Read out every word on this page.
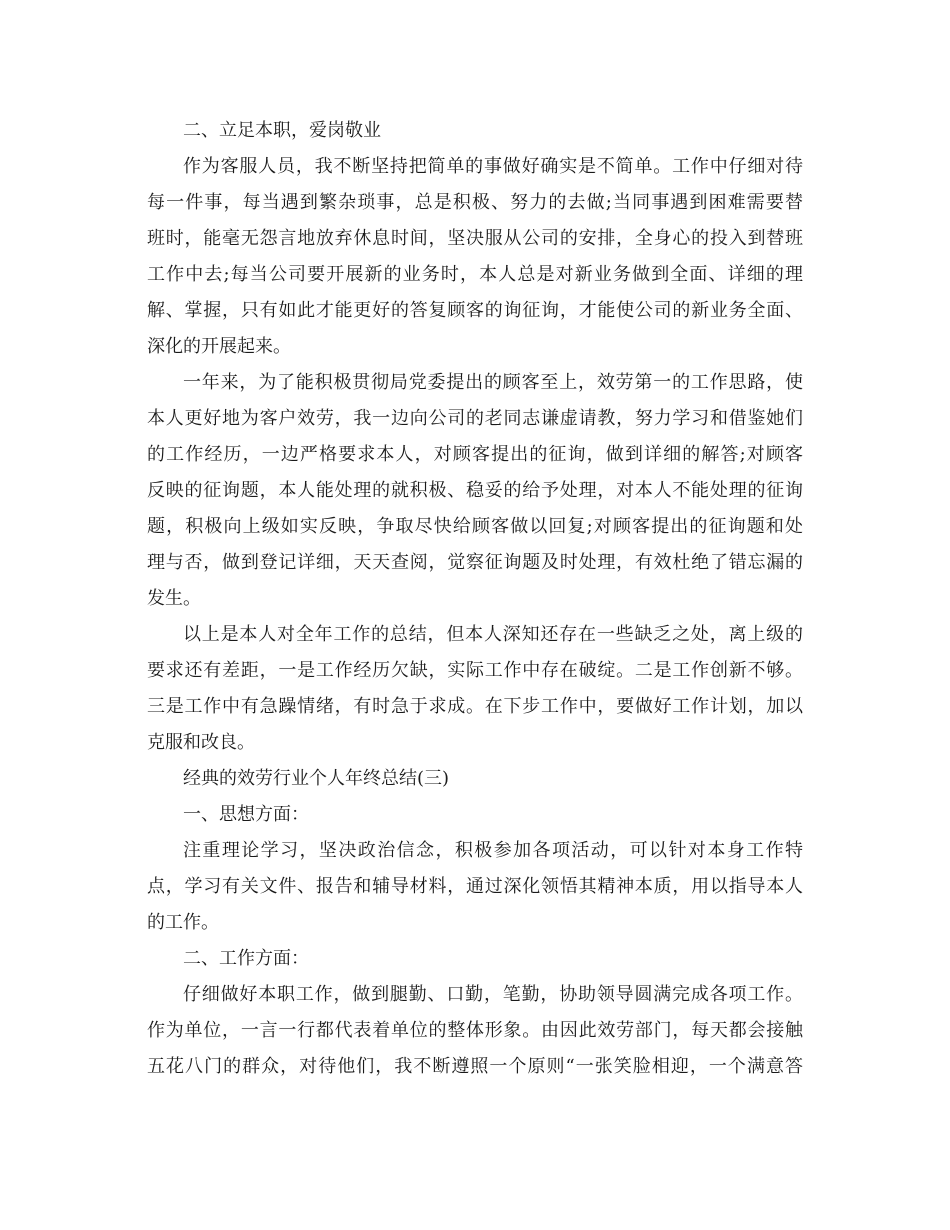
二、立足本职，爱岗敬业
作为客服人员，我不断坚持把简单的事做好确实是不简单。工作中仔细对待
每一件事，每当遇到繁杂琐事，总是积极、努力的去做;当同事遇到困难需要替
班时，能毫无怨言地放弃休息时间，坚决服从公司的安排，全身心的投入到替班
工作中去;每当公司要开展新的业务时，本人总是对新业务做到全面、详细的理
解、掌握，只有如此才能更好的答复顾客的询征询，才能使公司的新业务全面、
深化的开展起来。
一年来，为了能积极贯彻局党委提出的顾客至上，效劳第一的工作思路，使
本人更好地为客户效劳，我一边向公司的老同志谦虚请教，努力学习和借鉴她们
的工作经历，一边严格要求本人，对顾客提出的征询，做到详细的解答;对顾客
反映的征询题，本人能处理的就积极、稳妥的给予处理，对本人不能处理的征询
题，积极向上级如实反映，争取尽快给顾客做以回复;对顾客提出的征询题和处
理与否，做到登记详细，天天查阅，觉察征询题及时处理，有效杜绝了错忘漏的
发生。
以上是本人对全年工作的总结，但本人深知还存在一些缺乏之处，离上级的
要求还有差距，一是工作经历欠缺，实际工作中存在破绽。二是工作创新不够。
三是工作中有急躁情绪，有时急于求成。在下步工作中，要做好工作计划，加以
克服和改良。
经典的效劳行业个人年终总结(三)
一、思想方面：
注重理论学习，坚决政治信念，积极参加各项活动，可以针对本身工作特
点，学习有关文件、报告和辅导材料，通过深化领悟其精神本质，用以指导本人
的工作。
二、工作方面：
仔细做好本职工作，做到腿勤、口勤，笔勤，协助领导圆满完成各项工作。
作为单位，一言一行都代表着单位的整体形象。由因此效劳部门，每天都会接触
五花八门的群众，对待他们，我不断遵照一个原则“一张笑脸相迎，一个满意答
